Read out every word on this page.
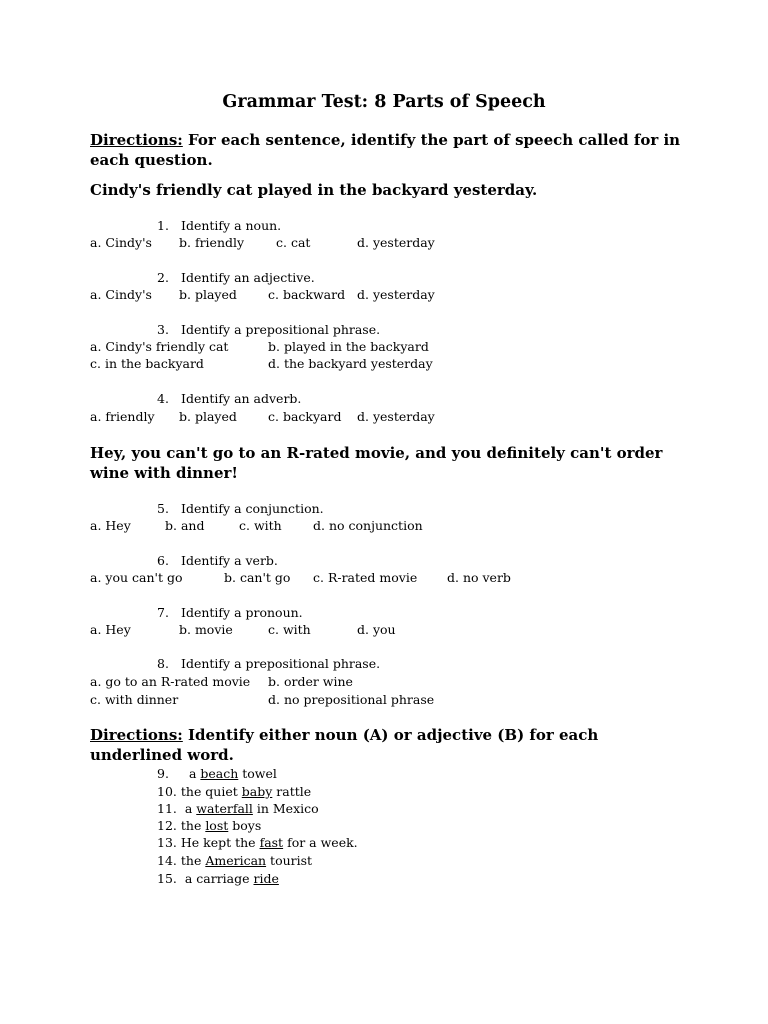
Grammar Test: 8 Parts of Speech
Directions: For each sentence, identify the part of speech called for in each question.
Cindy's friendly cat played in the backyard yesterday.
1. Identify a noun.
a. Cindy's b. friendly	c. cat	d. yesterday
2. Identify an adjective.
a. Cindy's b. played c. backward d. yesterday
3. Identify a prepositional phrase.
a. Cindy's friendly cat	b. played in the backyard
c. in the backyard	d. the backyard yesterday
4. Identify an adverb.
a. friendly b. played c. backyard d. yesterday
Hey, you can't go to an R-rated movie, and you definitely can't order wine with dinner!
5. Identify a conjunction.
a. Hey	b. and	c. with	d. no conjunction
6. Identify a verb.
a. you can't go	b. can't go c. R-rated movie d. no verb
7. Identify a pronoun.
a. Hey	b. movie	c. with	d. you
8. Identify a prepositional phrase.
a. go to an R-rated movie b. order wine
c. with dinner	d. no prepositional phrase
Directions: Identify either noun (A) or adjective (B) for each underlined word.
9.  a beach towel
10. the quiet baby rattle
11.  a waterfall in Mexico
12. the lost boys
13. He kept the fast for a week.
14. the American tourist
15.  a carriage ride
